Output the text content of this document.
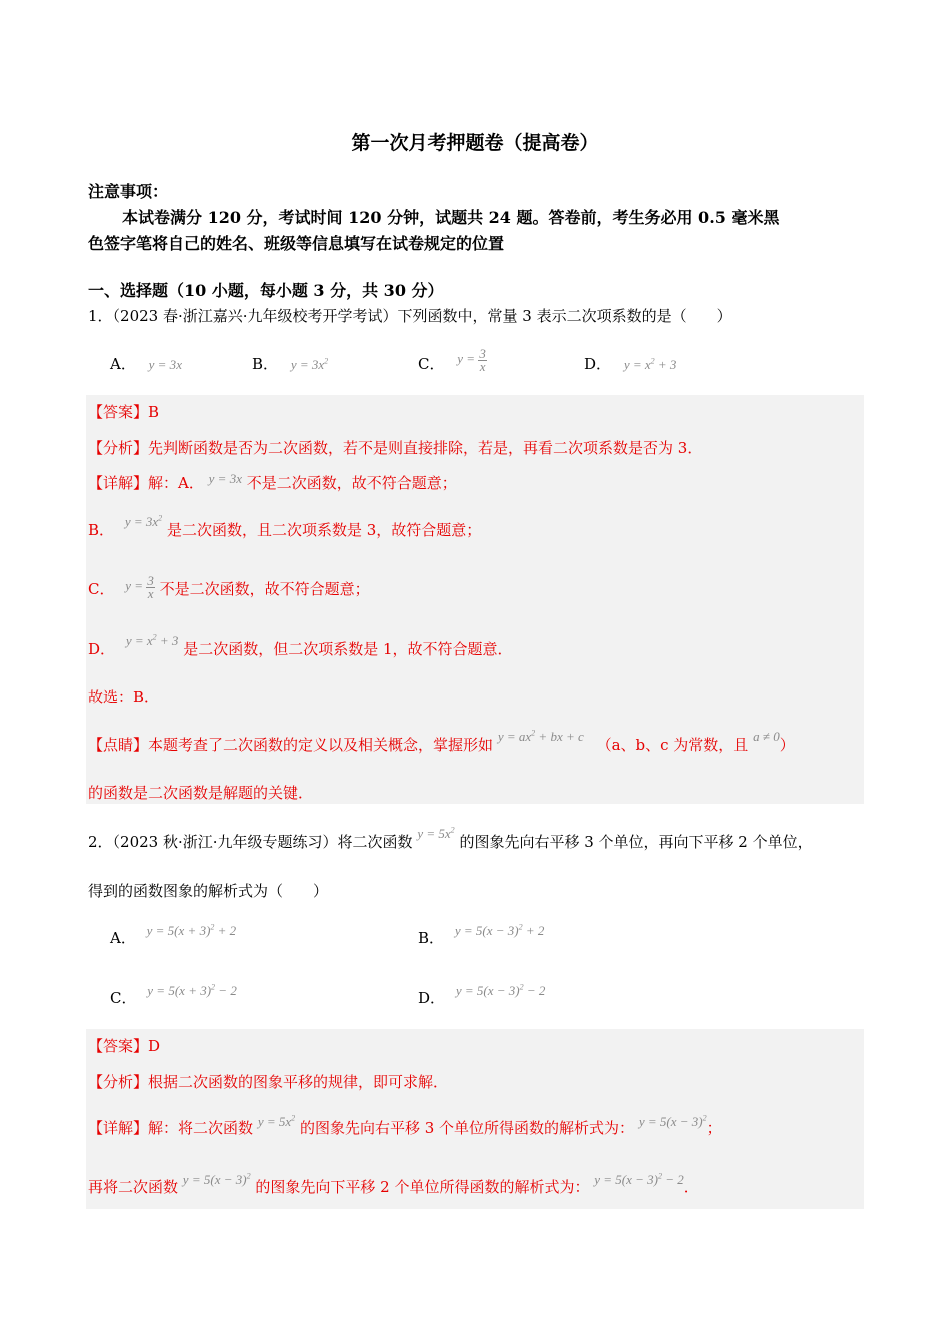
第一次月考押题卷（提高卷）
注意事项：
本试卷满分 120 分，考试时间 120 分钟，试题共 24 题。答卷前，考生务必用 0.5 毫米黑
色签字笔将自己的姓名、班级等信息填写在试卷规定的位置
一、选择题（10 小题，每小题 3 分，共 30 分）
1．（2023 春·浙江嘉兴·九年级校考开学考试）下列函数中，常量 3 表示二次项系数的是（　　）
A． y = 3x	B． $y = 3x^2$	C． $y = \frac{3}{x}$	D． $y = x^2 + 3$
【答案】B
【分析】先判断函数是否为二次函数，若不是则直接排除，若是，再看二次项系数是否为 3．
【详解】解：A． y = 3x 不是二次函数，故不符合题意；
B． $y = 3x^2$ 是二次函数，且二次项系数是 3，故符合题意；
C． $y = \frac{3}{x}$ 不是二次函数，故不符合题意；
D． $y = x^2 + 3$ 是二次函数，但二次项系数是 1，故不符合题意．
故选：B．
【点睛】本题考查了二次函数的定义以及相关概念，掌握形如 $y = ax^2$ + bx + c （a、b、c 为常数，且 a ≠ 0）
的函数是二次函数是解题的关键．
2．（2023 秋·浙江·九年级专题练习）将二次函数 $y = 5x^2$ 的图象先向右平移 3 个单位，再向下平移 2 个单位，
得到的函数图象的解析式为（　　）
A． $y = 5(x + 3)^2 + 2$	B． $y = 5(x - 3)^2 + 2$
C． $y = 5(x + 3)^2 - 2$	D． $y = 5(x - 3)^2 - 2$
【答案】D
【分析】根据二次函数的图象平移的规律，即可求解．
【详解】解：将二次函数 $y = 5x^2$ 的图象先向右平移 3 个单位所得函数的解析式为： $y = 5(x - 3)^2$；
再将二次函数 $y = 5(x - 3)^2$ 的图象先向下平移 2 个单位所得函数的解析式为： $y = 5(x - 3)^2 - 2$．
